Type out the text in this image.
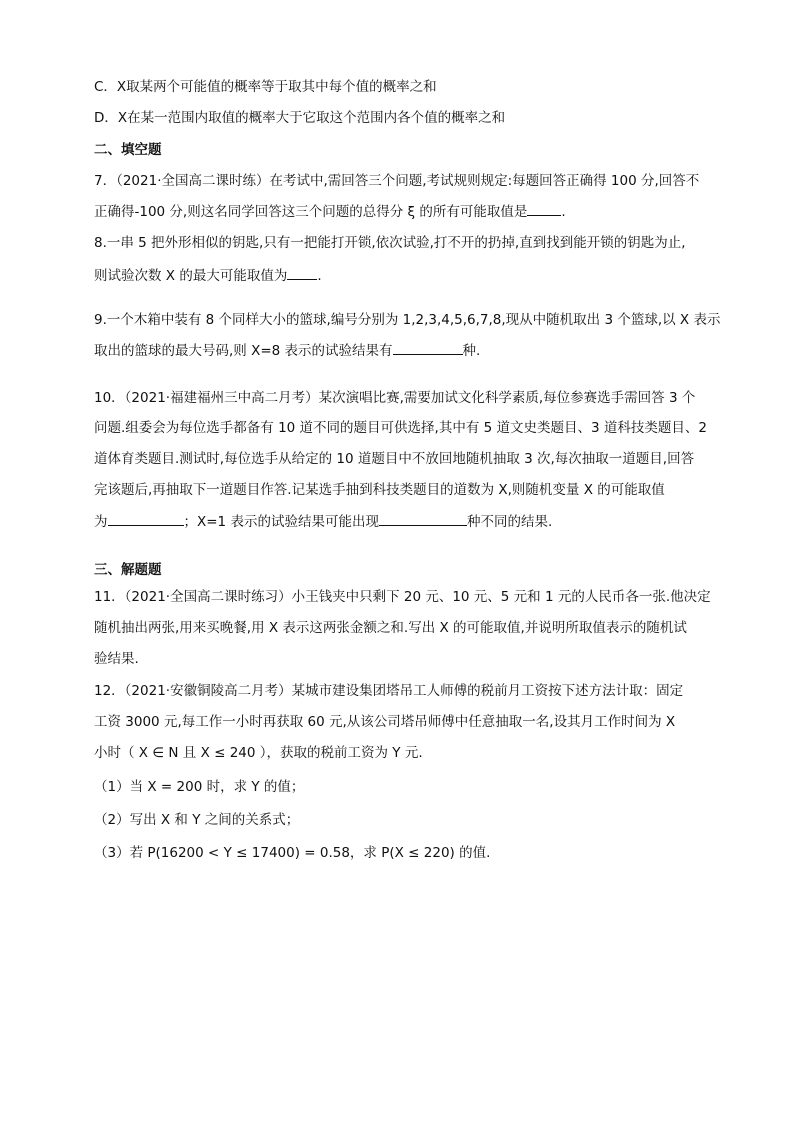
C．X取某两个可能值的概率等于取其中每个值的概率之和
D．X在某一范围内取值的概率大于它取这个范围内各个值的概率之和
二、填空题
7．（2021·全国高二课时练）在考试中,需回答三个问题,考试规则规定:每题回答正确得 100 分,回答不
正确得-100 分,则这名同学回答这三个问题的总得分 ξ 的所有可能取值是	.
8.一串 5 把外形相似的钥匙,只有一把能打开锁,依次试验,打不开的扔掉,直到找到能开锁的钥匙为止,
则试验次数 X 的最大可能取值为 .
9.一个木箱中装有 8 个同样大小的篮球,编号分别为 1,2,3,4,5,6,7,8,现从中随机取出 3 个篮球,以 X 表示
取出的篮球的最大号码,则 X=8 表示的试验结果有	种.
10．（2021·福建福州三中高二月考）某次演唱比赛,需要加试文化科学素质,每位参赛选手需回答 3 个
问题.组委会为每位选手都备有 10 道不同的题目可供选择,其中有 5 道文史类题目、3 道科技类题目、2
道体育类题目.测试时,每位选手从给定的 10 道题目中不放回地随机抽取 3 次,每次抽取一道题目,回答
完该题后,再抽取下一道题目作答.记某选手抽到科技类题目的道数为 X,则随机变量 X 的可能取值
为	；X=1 表示的试验结果可能出现	种不同的结果.
三、解题题
11．（2021·全国高二课时练习）小王钱夹中只剩下 20 元、10 元、5 元和 1 元的人民币各一张.他决定
随机抽出两张,用来买晚餐,用 X 表示这两张金额之和.写出 X 的可能取值,并说明所取值表示的随机试
验结果.
12．（2021·安徽铜陵高二月考）某城市建设集团塔吊工人师傅的税前月工资按下述方法计取：固定
工资 3000 元,每工作一小时再获取 60 元,从该公司塔吊师傅中任意抽取一名,设其月工作时间为 X
小时（ X ∈ N 且 X ≤ 240 ），获取的税前工资为 Y 元.
（1）当 X = 200 时，求 Y 的值；
（2）写出 X 和 Y 之间的关系式；
（3）若 P(16200 < Y ≤ 17400) = 0.58，求 P(X ≤ 220) 的值.
